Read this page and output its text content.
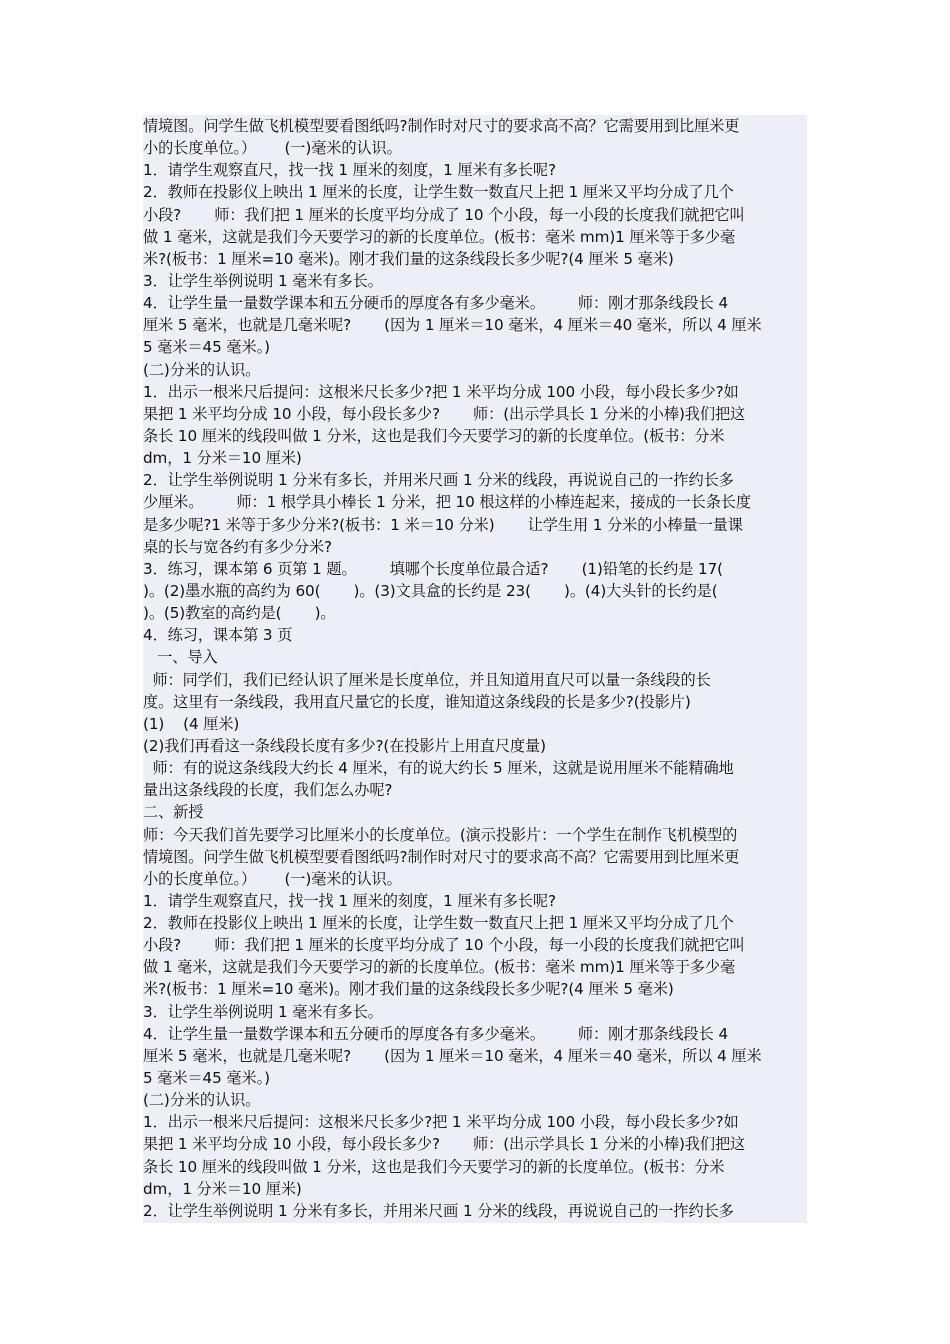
情境图。问学生做飞机模型要看图纸吗?制作时对尺寸的要求高不高？它需要用到比厘米更
小的长度单位。）      (一)毫米的认识。
1．请学生观察直尺，找一找 1 厘米的刻度，1 厘米有多长呢?
2．教师在投影仪上映出 1 厘米的长度，让学生数一数直尺上把 1 厘米又平均分成了几个
小段?       师：我们把 1 厘米的长度平均分成了 10 个小段，每一小段的长度我们就把它叫
做 1 毫米，这就是我们今天要学习的新的长度单位。(板书：毫米 mm)1 厘米等于多少毫
米?(板书：1 厘米=10 毫米)。刚才我们量的这条线段长多少呢?(4 厘米 5 毫米)
3．让学生举例说明 1 毫米有多长。
4．让学生量一量数学课本和五分硬币的厚度各有多少毫米。       师：刚才那条线段长 4
厘米 5 毫米，也就是几毫米呢?       (因为 1 厘米＝10 毫米，4 厘米＝40 毫米，所以 4 厘米
5 毫米＝45 毫米。)
(二)分米的认识。
1．出示一根米尺后提问：这根米尺长多少?把 1 米平均分成 100 小段，每小段长多少?如
果把 1 米平均分成 10 小段，每小段长多少?       师：(出示学具长 1 分米的小棒)我们把这
条长 10 厘米的线段叫做 1 分米，这也是我们今天要学习的新的长度单位。(板书：分米
dm，1 分米＝10 厘米)
2．让学生举例说明 1 分米有多长，并用米尺画 1 分米的线段，再说说自己的一拃约长多
少厘米。       师：1 根学具小棒长 1 分米，把 10 根这样的小棒连起来，接成的一长条长度
是多少呢?1 米等于多少分米?(板书：1 米＝10 分米)       让学生用 1 分米的小棒量一量课
桌的长与宽各约有多少分米?
3．练习，课本第 6 页第 1 题。       填哪个长度单位最合适?       (1)铅笔的长约是 17(
)。(2)墨水瓶的高约为 60(       )。(3)文具盒的长约是 23(       )。(4)大头针的长约是(
)。(5)教室的高约是(       )。
4．练习，课本第 3 页
一、导入
师：同学们，我们已经认识了厘米是长度单位，并且知道用直尺可以量一条线段的长
度。这里有一条线段，我用直尺量它的长度，谁知道这条线段的长是多少?(投影片)
(1)    (4 厘米)
(2)我们再看这一条线段长度有多少?(在投影片上用直尺度量)
师：有的说这条线段大约长 4 厘米，有的说大约长 5 厘米，这就是说用厘米不能精确地
量出这条线段的长度，我们怎么办呢?
二、新授
师：今天我们首先要学习比厘米小的长度单位。(演示投影片：一个学生在制作飞机模型的
情境图。问学生做飞机模型要看图纸吗?制作时对尺寸的要求高不高？它需要用到比厘米更
小的长度单位。）      (一)毫米的认识。
1．请学生观察直尺，找一找 1 厘米的刻度，1 厘米有多长呢?
2．教师在投影仪上映出 1 厘米的长度，让学生数一数直尺上把 1 厘米又平均分成了几个
小段?       师：我们把 1 厘米的长度平均分成了 10 个小段，每一小段的长度我们就把它叫
做 1 毫米，这就是我们今天要学习的新的长度单位。(板书：毫米 mm)1 厘米等于多少毫
米?(板书：1 厘米=10 毫米)。刚才我们量的这条线段长多少呢?(4 厘米 5 毫米)
3．让学生举例说明 1 毫米有多长。
4．让学生量一量数学课本和五分硬币的厚度各有多少毫米。       师：刚才那条线段长 4
厘米 5 毫米，也就是几毫米呢?       (因为 1 厘米＝10 毫米，4 厘米＝40 毫米，所以 4 厘米
5 毫米＝45 毫米。)
(二)分米的认识。
1．出示一根米尺后提问：这根米尺长多少?把 1 米平均分成 100 小段，每小段长多少?如
果把 1 米平均分成 10 小段，每小段长多少?       师：(出示学具长 1 分米的小棒)我们把这
条长 10 厘米的线段叫做 1 分米，这也是我们今天要学习的新的长度单位。(板书：分米
dm，1 分米＝10 厘米)
2．让学生举例说明 1 分米有多长，并用米尺画 1 分米的线段，再说说自己的一拃约长多
